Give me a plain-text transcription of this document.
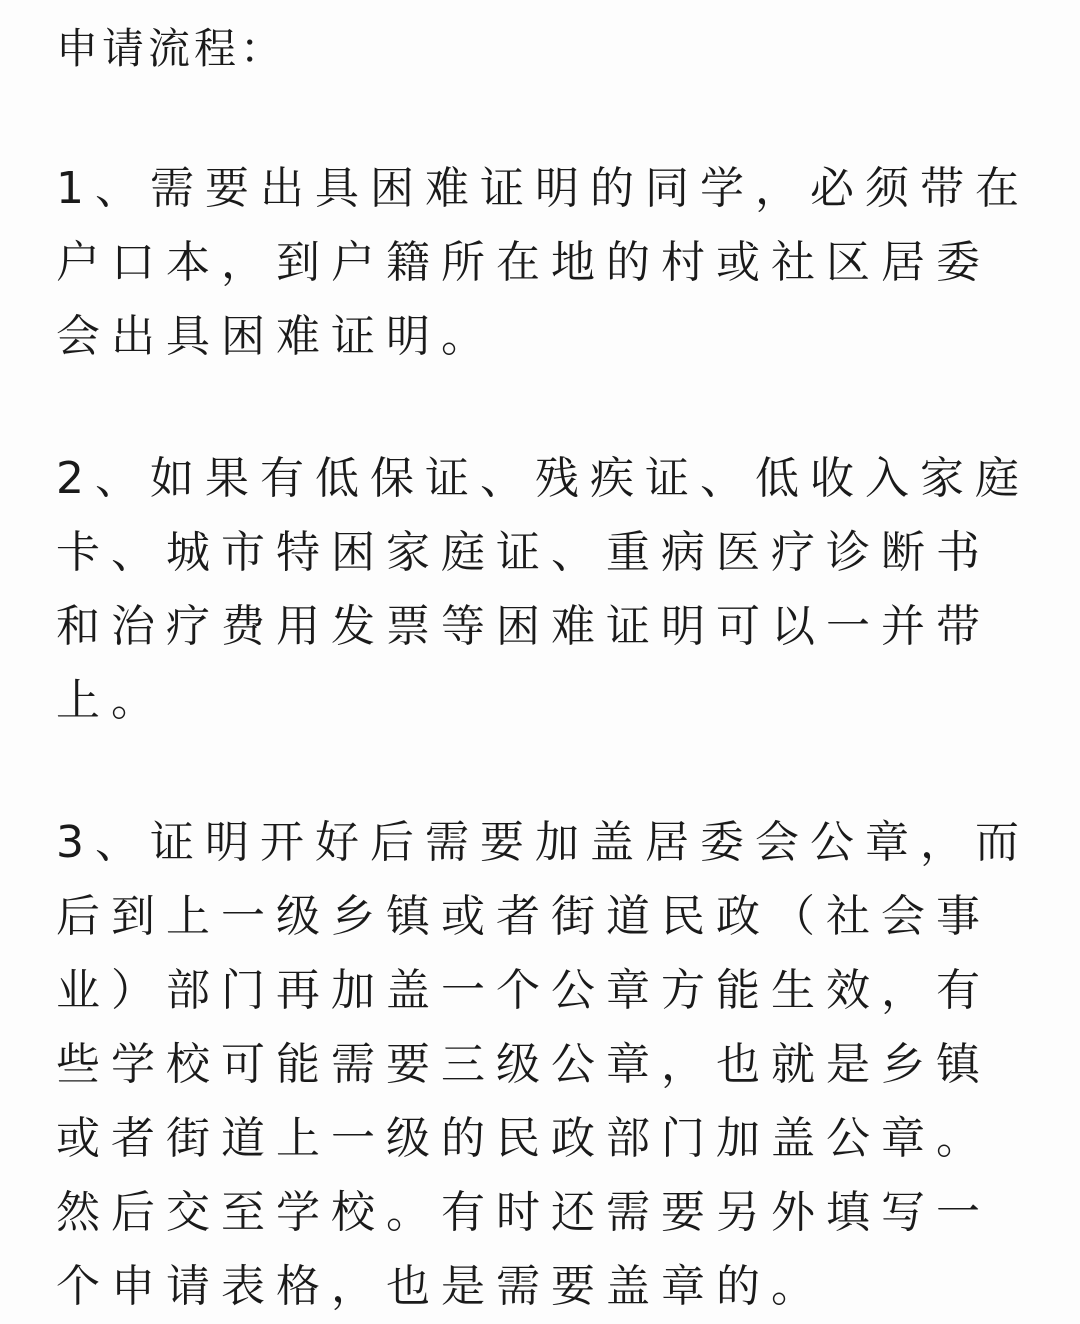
申请流程：

1、需要出具困难证明的同学，必须带在户口本，到户籍所在地的村或社区居委会出具困难证明。

2、如果有低保证、残疾证、低收入家庭卡、城市特困家庭证、重病医疗诊断书和治疗费用发票等困难证明可以一并带上。

3、证明开好后需要加盖居委会公章，而后到上一级乡镇或者街道民政（社会事业）部门再加盖一个公章方能生效，有些学校可能需要三级公章，也就是乡镇或者街道上一级的民政部门加盖公章。然后交至学校。有时还需要另外填写一个申请表格，也是需要盖章的。
